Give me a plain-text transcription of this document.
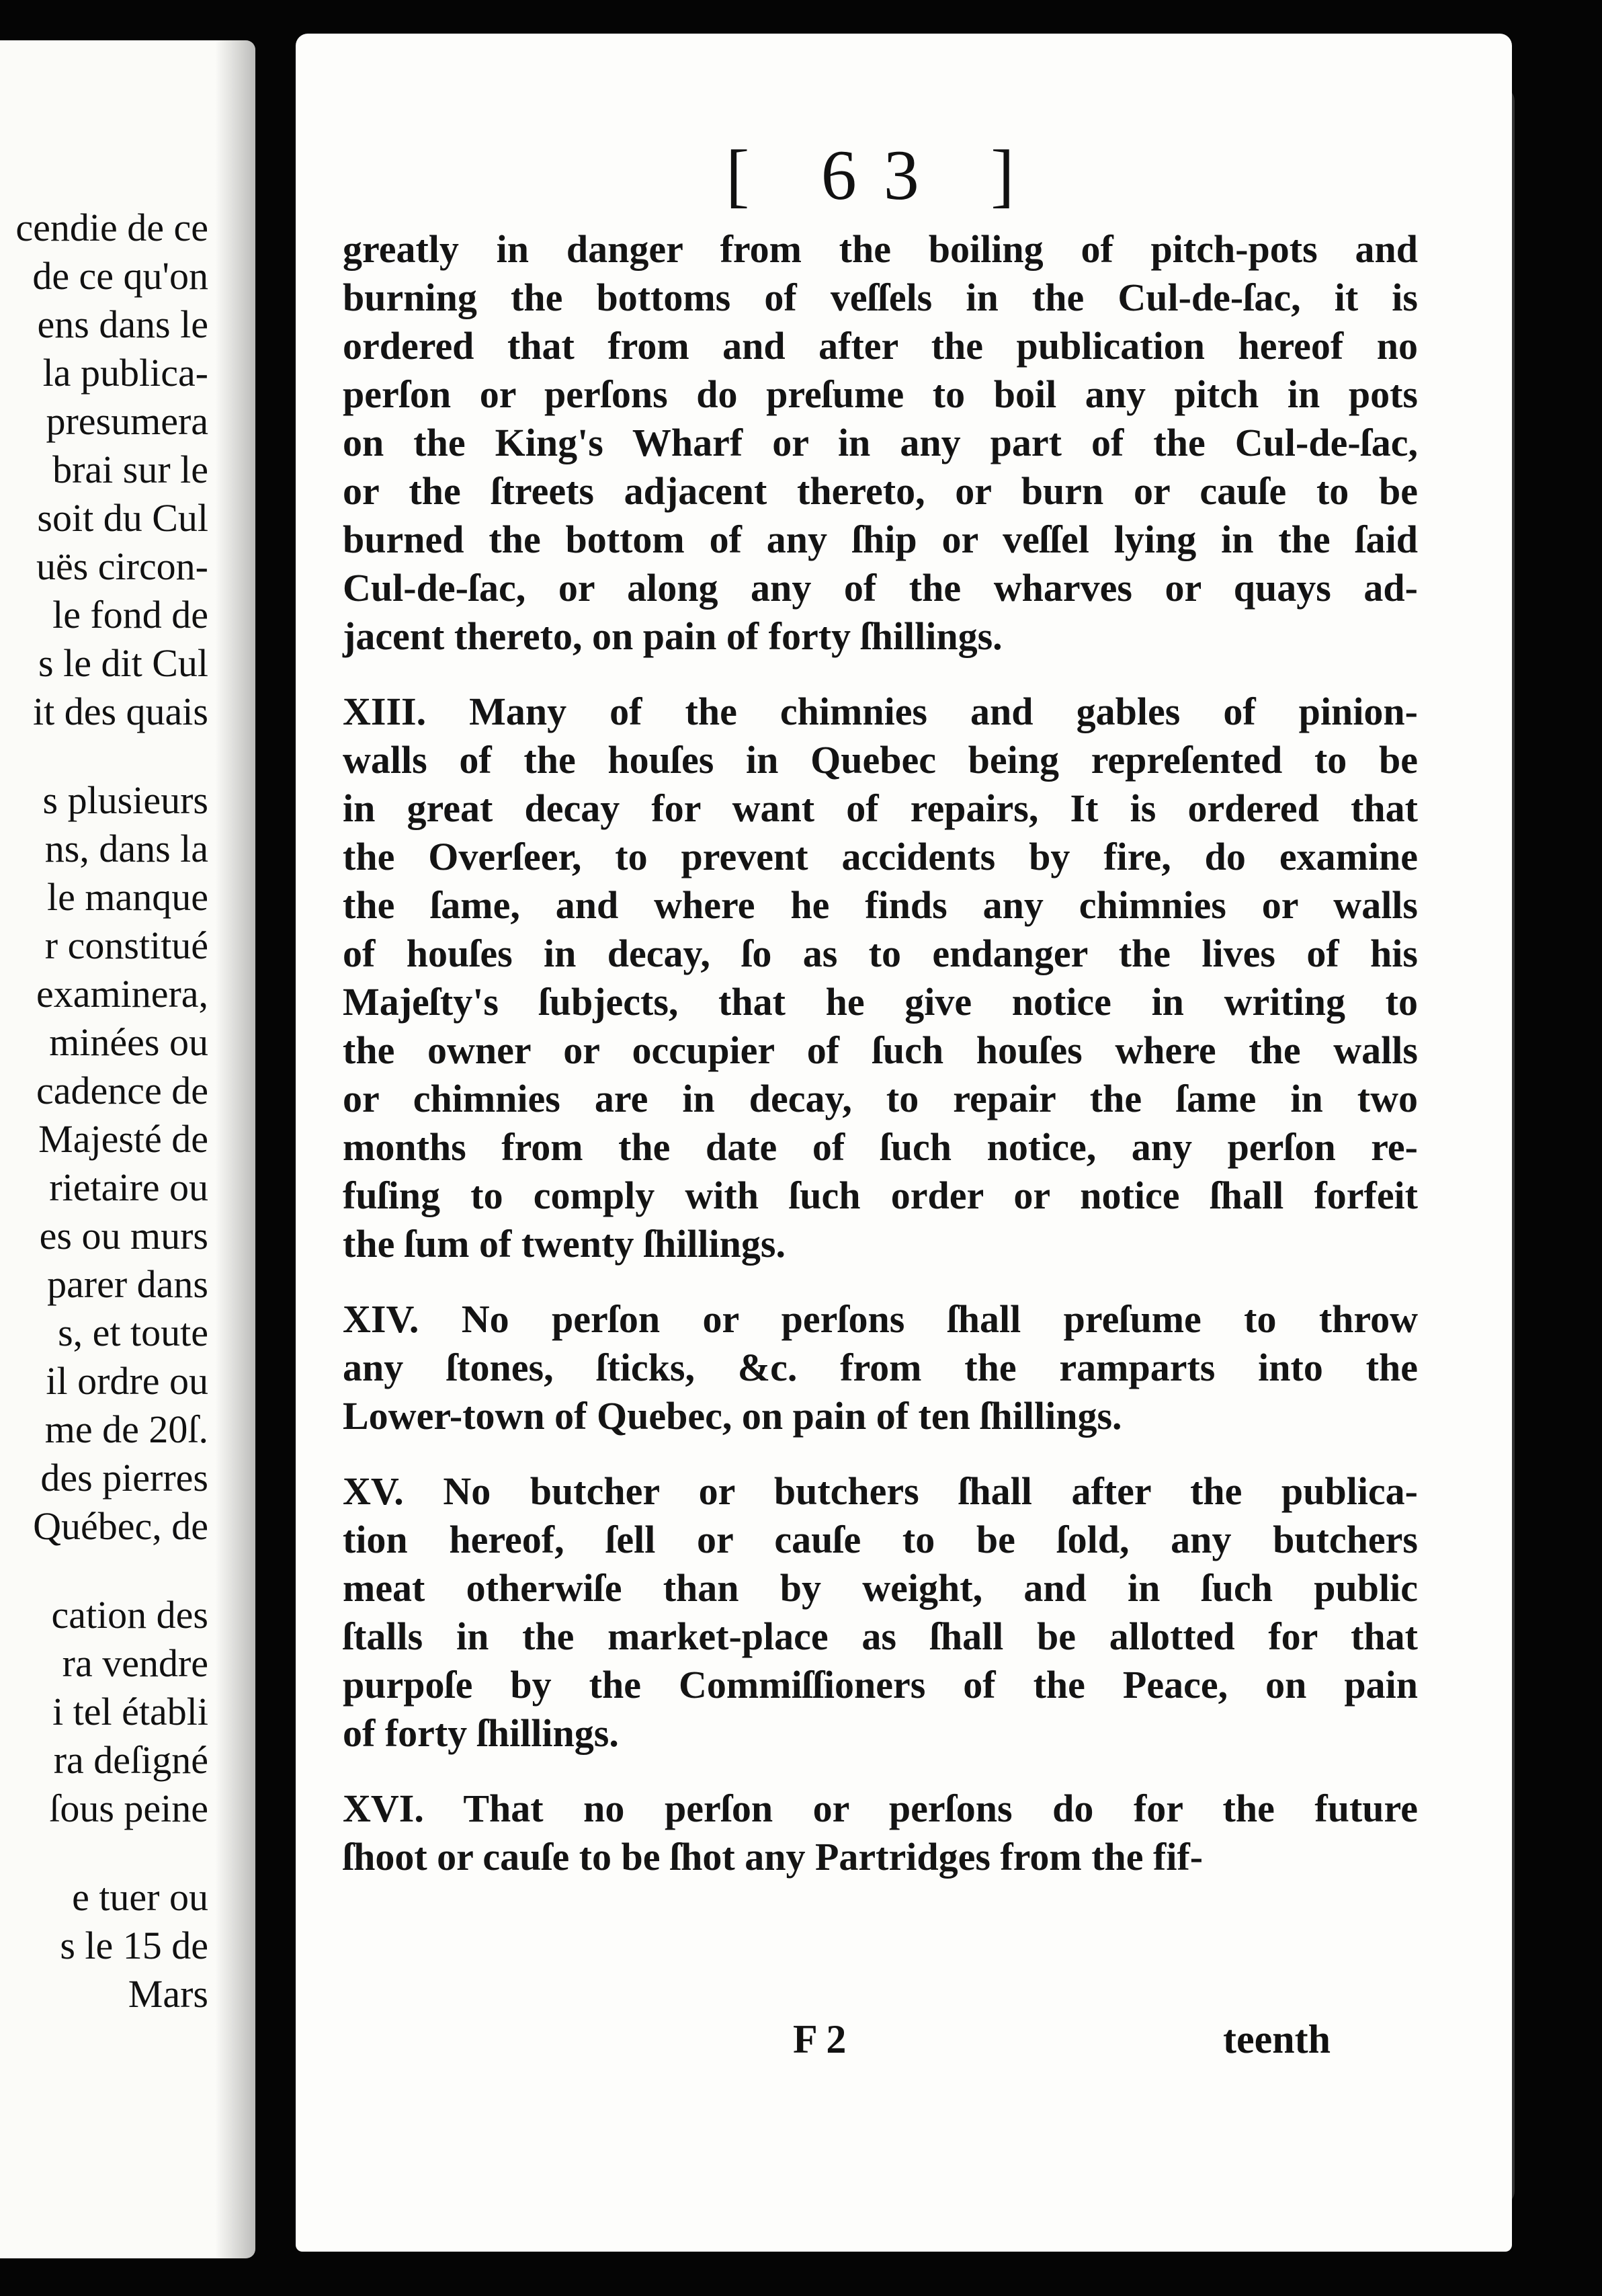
cendie de ce
de ce qu'on
ens dans le
la publica-
presumera
brai sur le
soit du Cul
uës circon-
le fond de
s le dit Cul
it des quais
s plusieurs
ns, dans la
le manque
r constitué
examinera,
minées ou
cadence de
Majesté de
rietaire ou
es ou murs
parer dans
s, et toute
il ordre ou
me de 20ſ.
des pierres
Québec, de
cation des
ra vendre
i tel établi
ra deſigné
ſous peine
e tuer ou
s le 15 de
Mars
[ 63 ]
greatly in danger from the boiling of pitch-pots and
burning the bottoms of veſſels in the Cul-de-ſac, it is
ordered that from and after the publication hereof no
perſon or perſons do preſume to boil any pitch in pots
on the King's Wharf or in any part of the Cul-de-ſac,
or the ſtreets adjacent thereto, or burn or cauſe to be
burned the bottom of any ſhip or veſſel lying in the ſaid
Cul-de-ſac, or along any of the wharves or quays ad-
jacent thereto, on pain of forty ſhillings.
XIII. Many of the chimnies and gables of pinion-
walls of the houſes in Quebec being repreſented to be
in great decay for want of repairs, It is ordered that
the Overſeer, to prevent accidents by fire, do examine
the ſame, and where he finds any chimnies or walls
of houſes in decay, ſo as to endanger the lives of his
Majeſty's ſubjects, that he give notice in writing to
the owner or occupier of ſuch houſes where the walls
or chimnies are in decay, to repair the ſame in two
months from the date of ſuch notice, any perſon re-
fuſing to comply with ſuch order or notice ſhall forfeit
the ſum of twenty ſhillings.
XIV. No perſon or perſons ſhall preſume to throw
any ſtones, ſticks, &c. from the ramparts into the
Lower-town of Quebec, on pain of ten ſhillings.
XV. No butcher or butchers ſhall after the publica-
tion hereof, ſell or cauſe to be ſold, any butchers
meat otherwiſe than by weight, and in ſuch public
ſtalls in the market-place as ſhall be allotted for that
purpoſe by the Commiſſioners of the Peace, on pain
of forty ſhillings.
XVI. That no perſon or perſons do for the future
ſhoot or cauſe to be ſhot any Partridges from the fif-
F 2	teenth
